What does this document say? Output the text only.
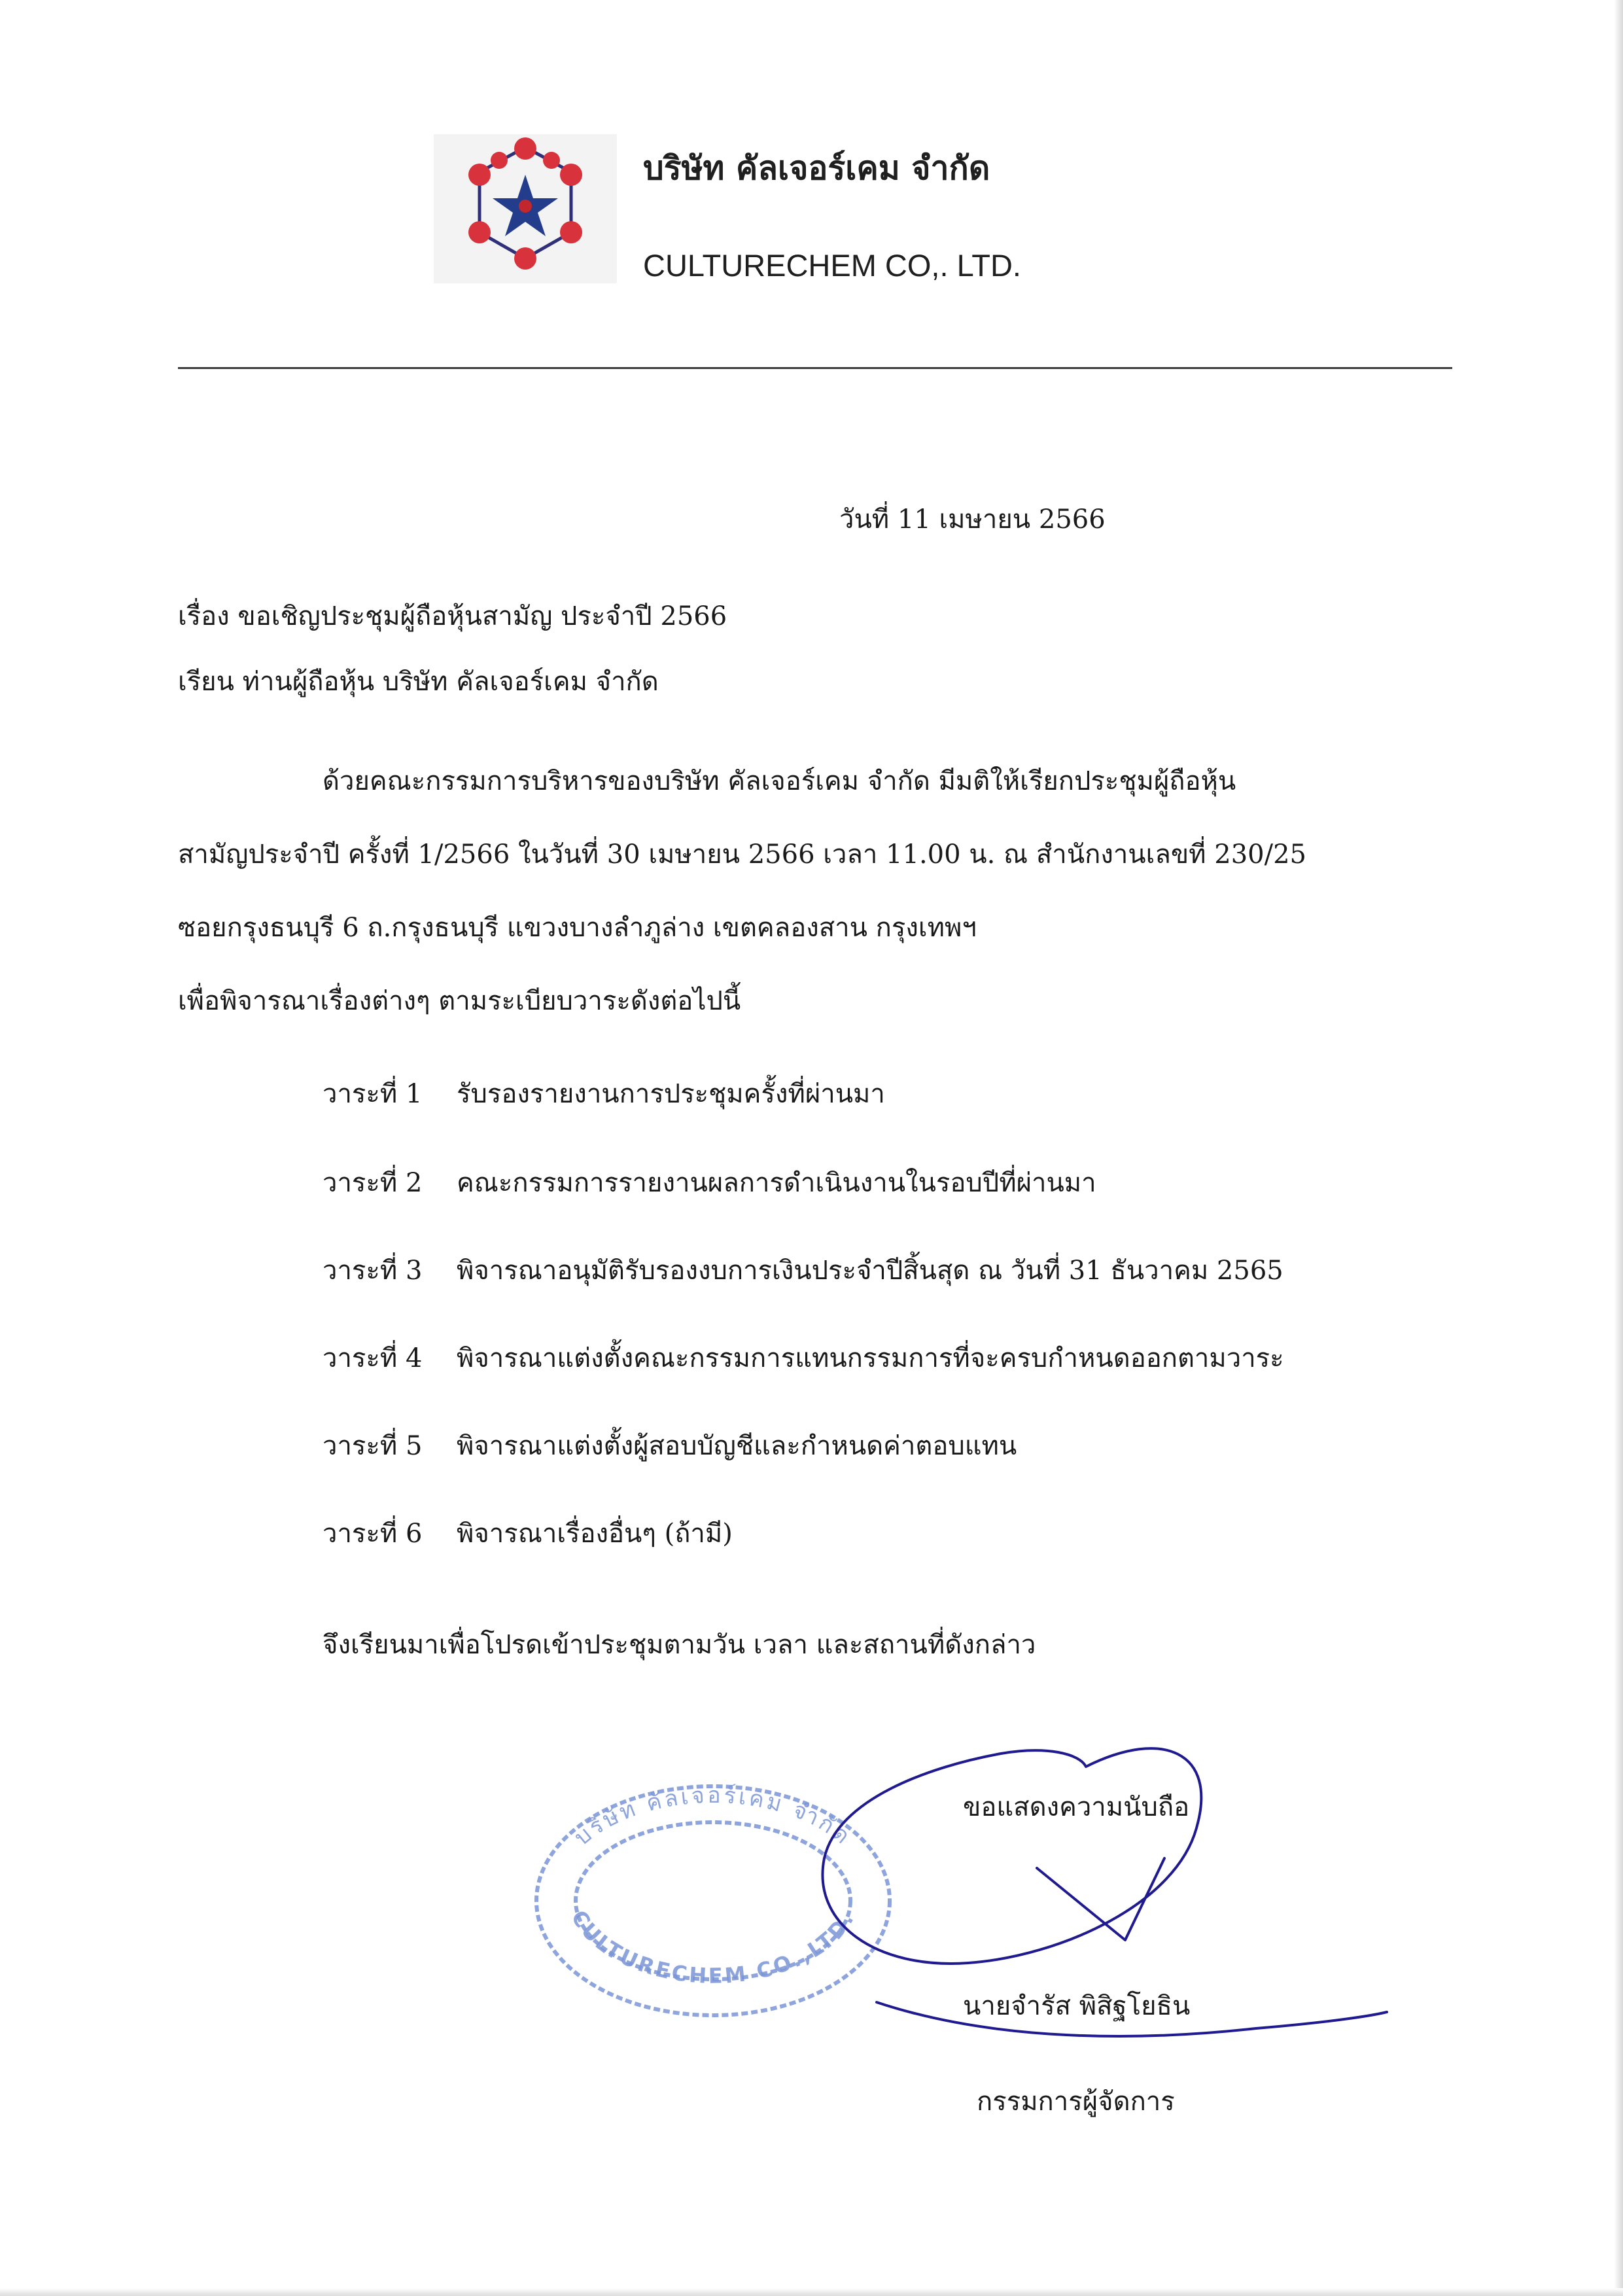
บริษัท คัลเจอร์เคม จำกัด
CULTURECHEM CO,. LTD.
วันที่ 11 เมษายน 2566
เรื่อง ขอเชิญประชุมผู้ถือหุ้นสามัญ ประจำปี 2566
เรียน ท่านผู้ถือหุ้น บริษัท คัลเจอร์เคม จำกัด
ด้วยคณะกรรมการบริหารของบริษัท คัลเจอร์เคม จำกัด มีมติให้เรียกประชุมผู้ถือหุ้น
สามัญประจำปี ครั้งที่ 1/2566 ในวันที่ 30 เมษายน 2566 เวลา 11.00 น. ณ สำนักงานเลขที่ 230/25
ซอยกรุงธนบุรี 6 ถ.กรุงธนบุรี แขวงบางลำภูล่าง เขตคลองสาน กรุงเทพฯ
เพื่อพิจารณาเรื่องต่างๆ ตามระเบียบวาระดังต่อไปนี้
วาระที่ 1 รับรองรายงานการประชุมครั้งที่ผ่านมา
วาระที่ 2 คณะกรรมการรายงานผลการดำเนินงานในรอบปีที่ผ่านมา
วาระที่ 3 พิจารณาอนุมัติรับรองงบการเงินประจำปีสิ้นสุด ณ วันที่ 31 ธันวาคม 2565
วาระที่ 4 พิจารณาแต่งตั้งคณะกรรมการแทนกรรมการที่จะครบกำหนดออกตามวาระ
วาระที่ 5 พิจารณาแต่งตั้งผู้สอบบัญชีและกำหนดค่าตอบแทน
วาระที่ 6 พิจารณาเรื่องอื่นๆ (ถ้ามี)
จึงเรียนมาเพื่อโปรดเข้าประชุมตามวัน เวลา และสถานที่ดังกล่าว
บริษัท คัลเจอร์เคม จำกัด
CULTURECHEM CO.,LTD.
ขอแสดงความนับถือ
นายจำรัส พิสิฐโยธิน
กรรมการผู้จัดการ
